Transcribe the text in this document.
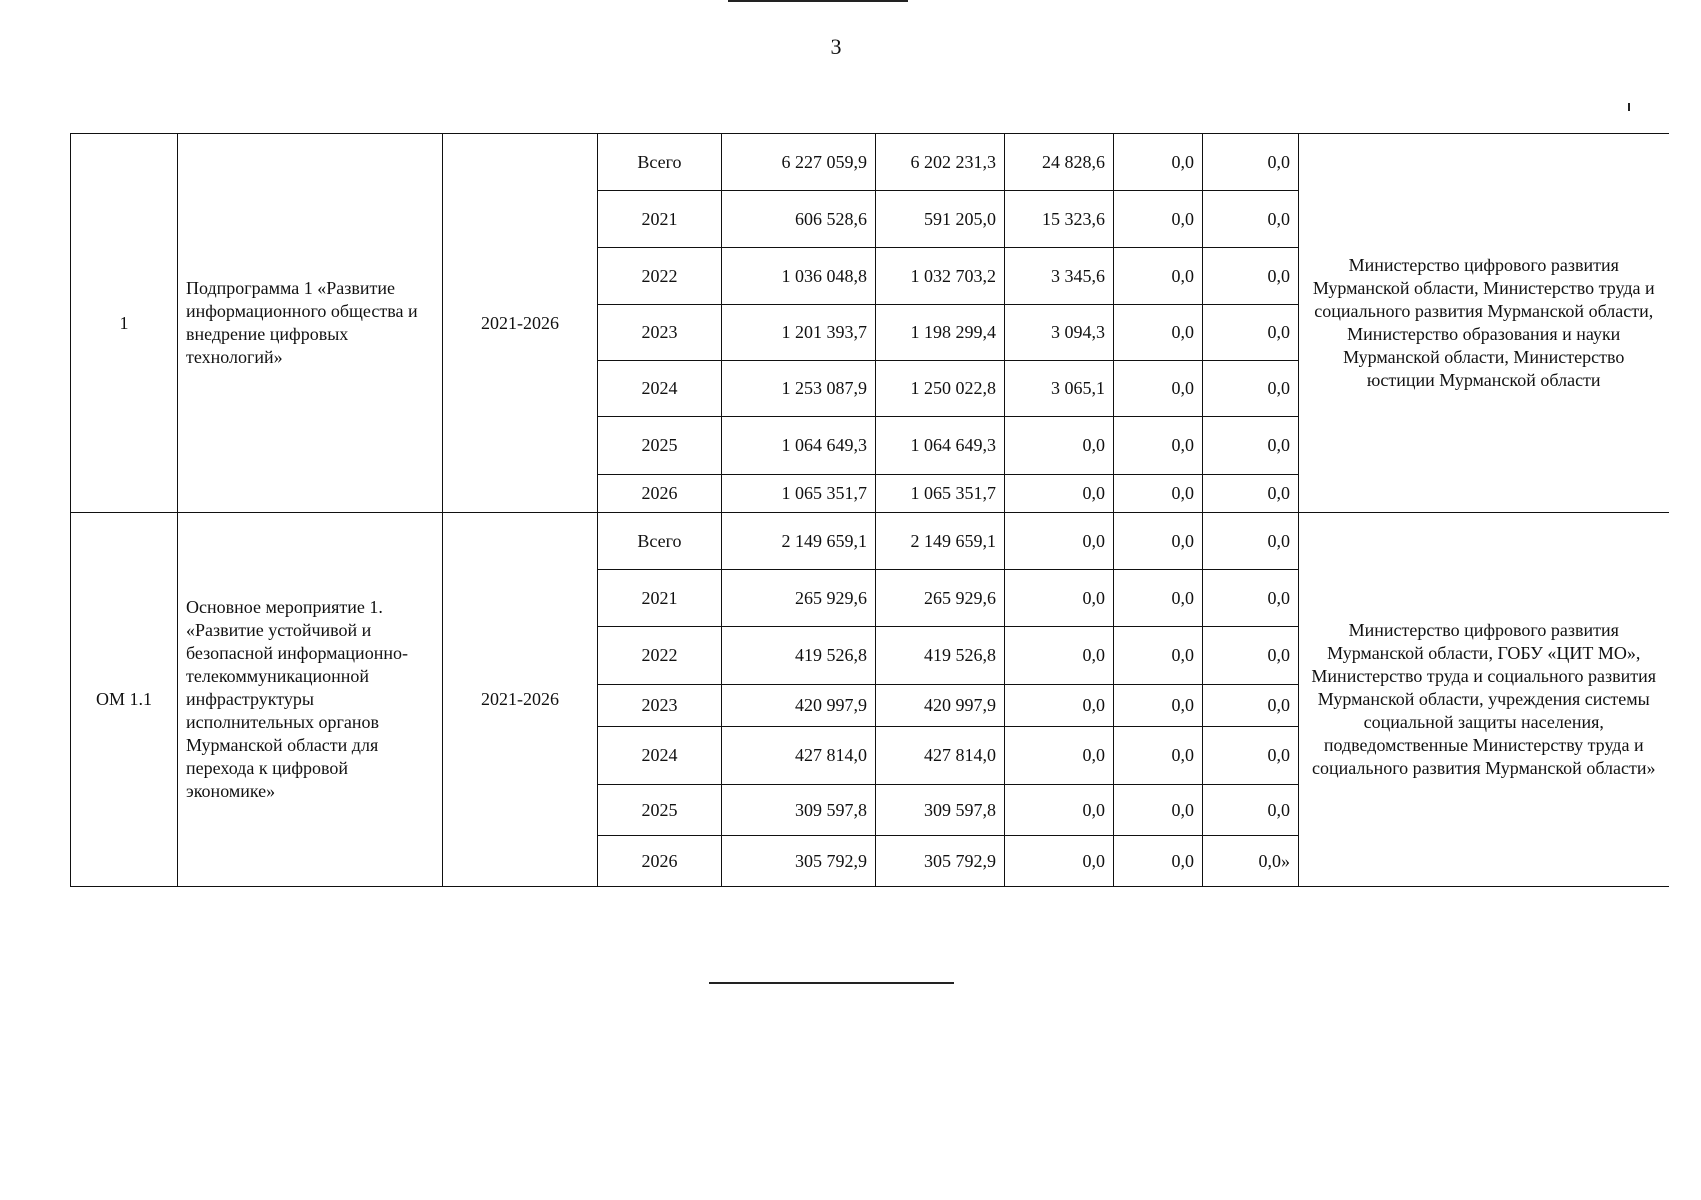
3
1	Подпрограмма 1 «Развитие информационного общества и внедрение цифровых технологий»	2021-2026	Всего	6 227 059,9	6 202 231,3	24 828,6	0,0	0,0	Министерство цифрового развития Мурманской области, Министерство труда и социального развития Мурманской области, Министерство образования и науки Мурманской области, Министерство юстиции Мурманской области
			2021	606 528,6	591 205,0	15 323,6	0,0	0,0	
			2022	1 036 048,8	1 032 703,2	3 345,6	0,0	0,0	
			2023	1 201 393,7	1 198 299,4	3 094,3	0,0	0,0	
			2024	1 253 087,9	1 250 022,8	3 065,1	0,0	0,0	
			2025	1 064 649,3	1 064 649,3	0,0	0,0	0,0	
			2026	1 065 351,7	1 065 351,7	0,0	0,0	0,0	
ОМ 1.1	Основное мероприятие 1. «Развитие устойчивой и безопасной информационно-телекоммуникационной инфраструктуры исполнительных органов Мурманской области для перехода к цифровой экономике»	2021-2026	Всего	2 149 659,1	2 149 659,1	0,0	0,0	0,0	Министерство цифрового развития Мурманской области, ГОБУ «ЦИТ МО», Министерство труда и социального развития Мурманской области, учреждения системы социальной защиты населения, подведомственные Министерству труда и социального развития Мурманской области»
			2021	265 929,6	265 929,6	0,0	0,0	0,0	
			2022	419 526,8	419 526,8	0,0	0,0	0,0	
			2023	420 997,9	420 997,9	0,0	0,0	0,0	
			2024	427 814,0	427 814,0	0,0	0,0	0,0	
			2025	309 597,8	309 597,8	0,0	0,0	0,0	
			2026	305 792,9	305 792,9	0,0	0,0	0,0»	
